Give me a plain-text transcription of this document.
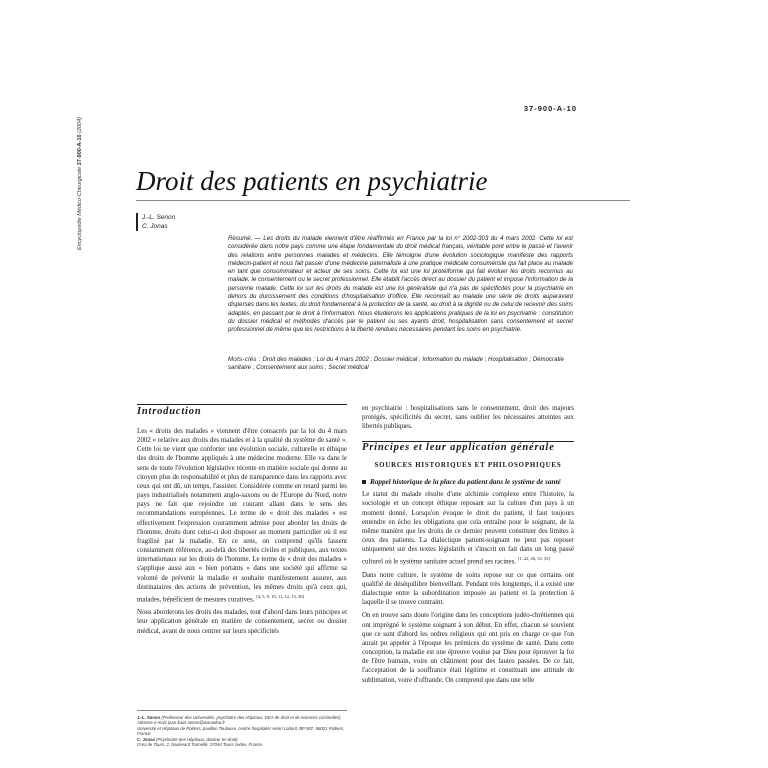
Encyclopédie Médico-Chirurgicale 37-900-A-10 (2004)
37-900-A-10
Droit des patients en psychiatrie
J.-L. Senon
C. Jonas
Résumé. — Les droits du malade viennent d'être réaffirmés en France par la loi n° 2002-303 du 4 mars 2002. Cette loi est considérée dans notre pays comme une étape fondamentale du droit médical français, véritable pont entre le passé et l'avenir des relations entre personnes malades et médecins. Elle témoigne d'une évolution sociologique manifeste des rapports médecin-patient et nous fait passer d'une médecine paternaliste à une pratique médicale consumériste qui fait place au malade en tant que consommateur et acteur de ses soins. Cette loi est une loi protéiforme qui fait évoluer les droits reconnus au malade, le consentement ou le secret professionnel. Elle établit l'accès direct au dossier du patient et impose l'information de la personne malade. Cette loi sur les droits du malade est une loi généraliste qui n'a pas de spécificités pour la psychiatrie en dehors du durcissement des conditions d'hospitalisation d'office. Elle reconnaît au malade une série de droits auparavant dispersés dans les textes, du droit fondamental à la protection de la santé, au droit à la dignité ou de celui de recevoir des soins adaptés, en passant par le droit à l'information. Nous étudierons les applications pratiques de la loi en psychiatrie : constitution du dossier médical et méthodes d'accès par le patient ou ses ayants droit, hospitalisation sans consentement et secret professionnel de même que les restrictions à la liberté rendues nécessaires pendant les soins en psychiatrie.
Mots-clés : Droit des malades ; Loi du 4 mars 2002 ; Dossier médical ; Information du malade ; Hospitalisation ; Démocratie sanitaire ; Consentement aux soins ; Secret médical
Introduction

Les « droits des malades » viennent d'être consacrés par la loi du 4 mars 2002 « relative aux droits des malades et à la qualité du système de santé ». Cette loi ne vient que conforter une évolution sociale, culturelle et éthique des droits de l'homme appliqués à une médecine moderne. Elle va dans le sens de toute l'évolution législative récente en matière sociale qui donne au citoyen plus de responsabilité et plus de transparence dans les rapports avec ceux qui ont dû, un temps, l'assister. Considérée comme en retard parmi les pays industrialisés notamment anglo-saxons ou de l'Europe du Nord, notre pays ne fait que rejoindre un courant allant dans le sens des recommandations européennes. Le terme de « droit des malades » est effectivement l'expression couramment admise pour aborder les droits de l'homme, droits dont celui-ci doit disposer au moment particulier où il est fragilisé par la maladie. En ce sens, on comprend qu'ils fassent constamment référence, au-delà des libertés civiles et publiques, aux textes internationaux sur les droits de l'homme. Le terme de « droit des malades » s'applique aussi aux « bien portants » dans une société qui affirme sa volonté de prévenir la maladie et souhaite manifestement assurer, aux destinataires des actions de prévention, les mêmes droits qu'à ceux qui, malades, bénéficient de mesures curatives. [4, 5, 9, 10, 11, 12, 13, 20]

Nous aborderons les droits des malades, tout d'abord dans leurs principes et leur application générale en matière de consentement, secret ou dossier médical, avant de nous centrer sur leurs spécificités

en psychiatrie : hospitalisations sans le consentement, droit des majeurs protégés, spécificités du secret, sans oublier les nécessaires atteintes aux libertés publiques.

Principes et leur application générale
SOURCES HISTORIQUES ET PHILOSOPHIQUES
Rappel historique de la place du patient dans le système de santé

Le statut du malade résulte d'une alchimie complexe entre l'histoire, la sociologie et un concept éthique reposant sur la culture d'un pays à un moment donné. Lorsqu'on évoque le droit du patient, il faut toujours entendre en écho les obligations que cela entraîne pour le soignant, de la même manière que les droits de ce dernier peuvent constituer des limites à ceux des patients. La dialectique patient-soignant ne peut pas reposer uniquement sur des textes législatifs et s'inscrit en fait dans un long passé culturel où le système sanitaire actuel prend ses racines. [1, 22, 26, 33, 35]

Dans notre culture, le système de soins repose sur ce que certains ont qualifié de déséquilibre bienveillant. Pendant très longtemps, il a existé une dialectique entre la subordination imposée au patient et la protection à laquelle il se trouve contraint.

On en trouve sans doute l'origine dans les conceptions judéo-chrétiennes qui ont imprégné le système soignant à son début. En effet, chacun se souvient que ce sont d'abord les ordres religieux qui ont pris en charge ce que l'on aurait pu appeler à l'époque les prémices du système de santé. Dans cette conception, la maladie est une épreuve voulue par Dieu pour éprouver la foi de l'être humain, voire un châtiment pour des fautes passées. De ce fait, l'acceptation de la souffrance était légitime et constituait une attitude de sublimation, voire d'offrande. On comprend que dans une telle

J.-L. Senon (Professeur des Universités, psychiatre des Hôpitaux, DEA de droit et de sciences criminelles)

Adresse e-mail: jean-louis.senon@wanadoo.fr

Université et Hôpitaux de Poitiers, pavillon Toulouse, centre hospitalier Henri Laborit, BP 587, 86021 Poitiers, France.

C. Jonas (Psychiatre des Hôpitaux, docteur en droit)

CHU de Tours, 2, boulevard Tonnellé, 37044 Tours cedex, France.
